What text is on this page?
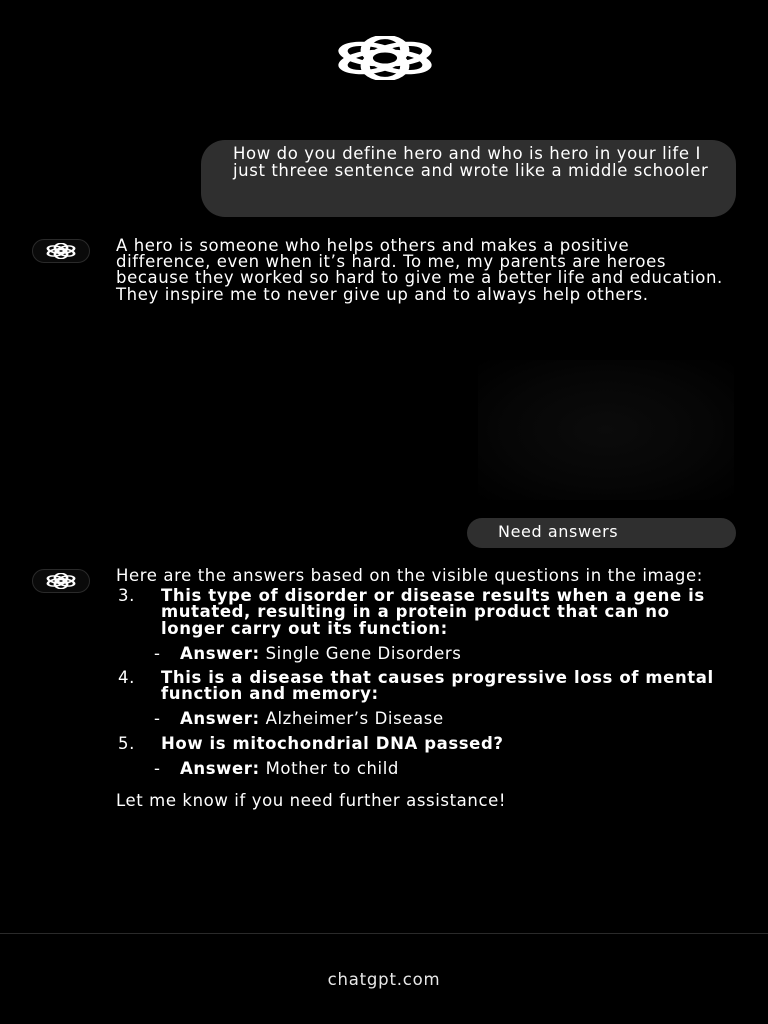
How do you define hero and who is hero in your life I just threee sentence and wrote like a middle schooler
A hero is someone who helps others and makes a positive difference, even when it’s hard. To me, my parents are heroes because they worked so hard to give me a better life and education. They inspire me to never give up and to always help others.
Need answers
Here are the answers based on the visible questions in the image:
3. This type of disorder or disease results when a gene is mutated, resulting in a protein product that can no longer carry out its function:
- Answer: Single Gene Disorders
4. This is a disease that causes progressive loss of mental function and memory:
- Answer: Alzheimer’s Disease
5. How is mitochondrial DNA passed?
- Answer: Mother to child
Let me know if you need further assistance!
chatgpt.com
